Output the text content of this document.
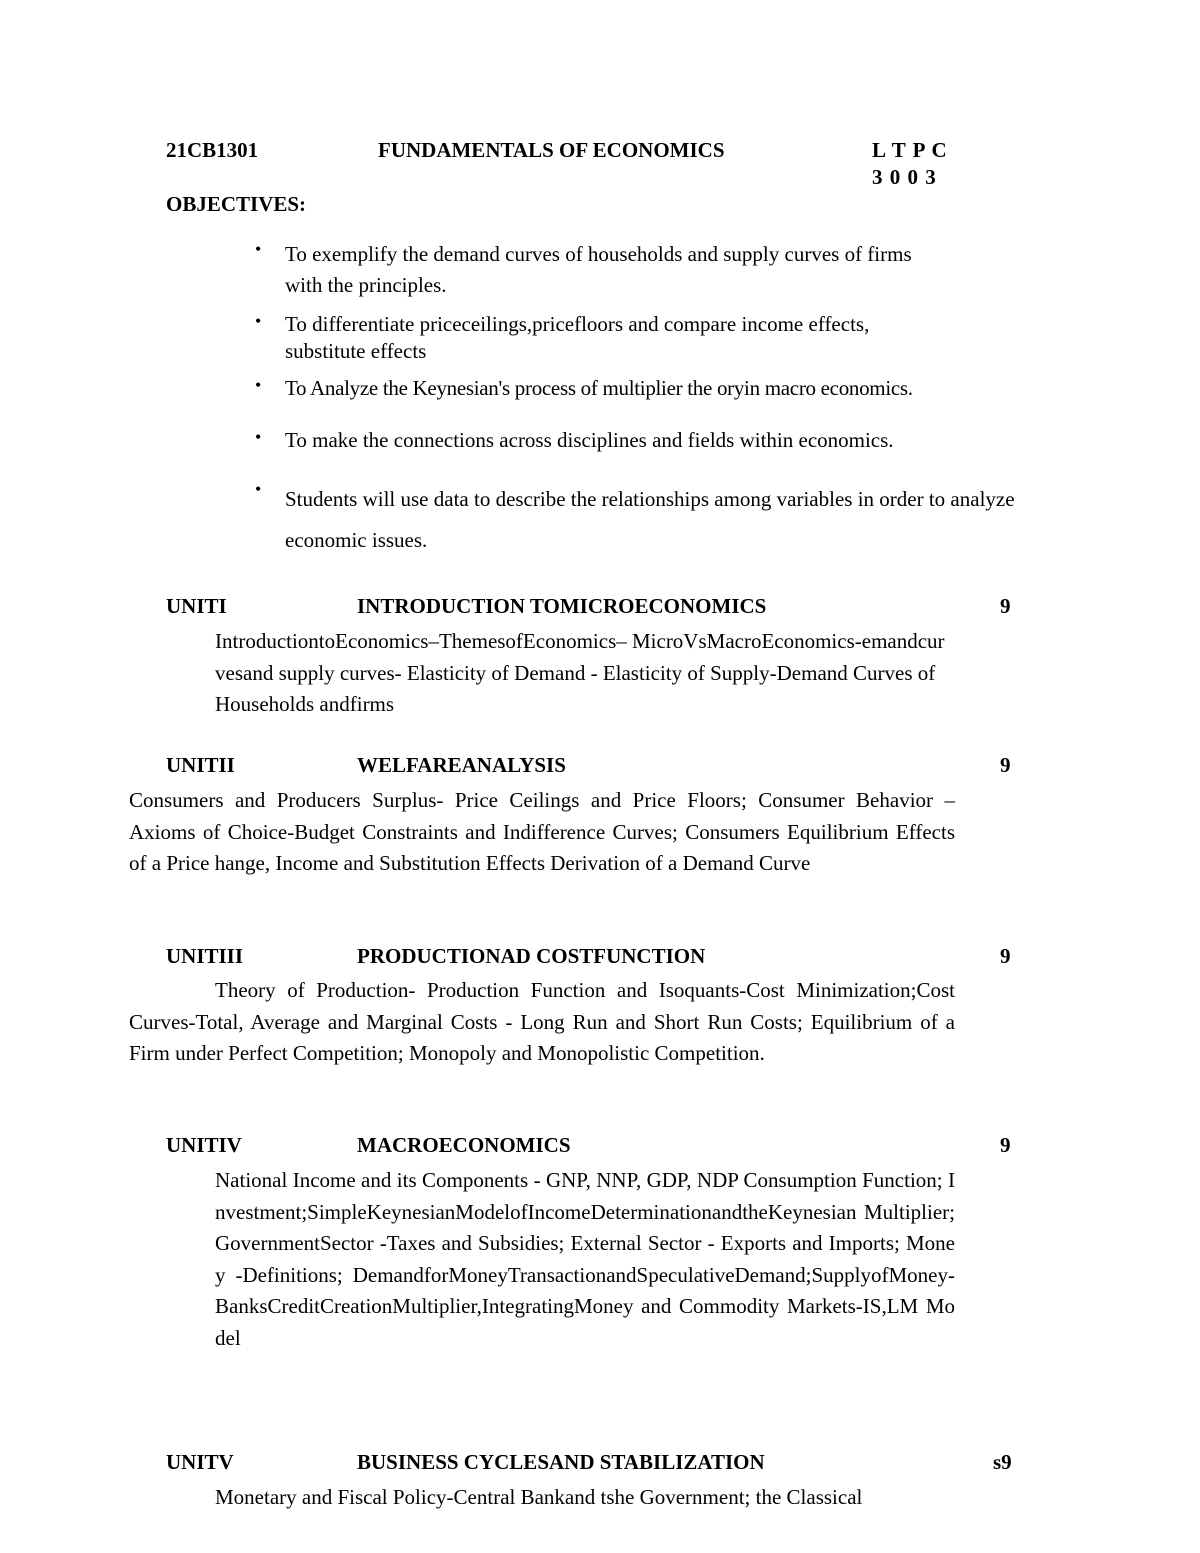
21CB1301	FUNDAMENTALS OF ECONOMICS	L T P C
3 0 0 3
OBJECTIVES:
• To exemplify the demand curves of households and supply curves of firms with the principles.
• To differentiate priceceilings,pricefloors and compare income effects, substitute effects
• To Analyze the Keynesian's process of multiplier the oryin macro economics.
• To make the connections across disciplines and fields within economics.
• Students will use data to describe the relationships among variables in order to analyze economic issues.
UNITI	INTRODUCTION TOMICROECONOMICS	9
IntroductiontoEconomics–ThemesofEconomics– MicroVsMacroEconomics-emandcurvesand supply curves- Elasticity of Demand - Elasticity of Supply-Demand Curves of Households andfirms
UNITII	WELFAREANALYSIS	9
Consumers and Producers Surplus- Price Ceilings and Price Floors; Consumer Behavior – Axioms of Choice-Budget Constraints and Indifference Curves; Consumers Equilibrium Effects of a Price hange, Income and Substitution Effects Derivation of a Demand Curve
UNITIII	PRODUCTIONAD COSTFUNCTION	9
Theory of Production- Production Function and Isoquants-Cost Minimization;Cost Curves-Total, Average and Marginal Costs - Long Run and Short Run Costs; Equilibrium of a Firm under Perfect Competition; Monopoly and Monopolistic Competition.
UNITIV	MACROECONOMICS	9
National Income and its Components - GNP, NNP, GDP, NDP Consumption Function; Investment;SimpleKeynesianModelofIncomeDeterminationandtheKeynesian Multiplier;GovernmentSector -Taxes and Subsidies; External Sector - Exports and Imports; Money -Definitions; DemandforMoneyTransactionandSpeculativeDemand;SupplyofMoney-BanksCreditCreationMultiplier,IntegratingMoney and Commodity Markets-IS,LM Model
UNITV	BUSINESS CYCLESAND STABILIZATION	s9
Monetary and Fiscal Policy-Central Bankand tshe Government; the Classical
